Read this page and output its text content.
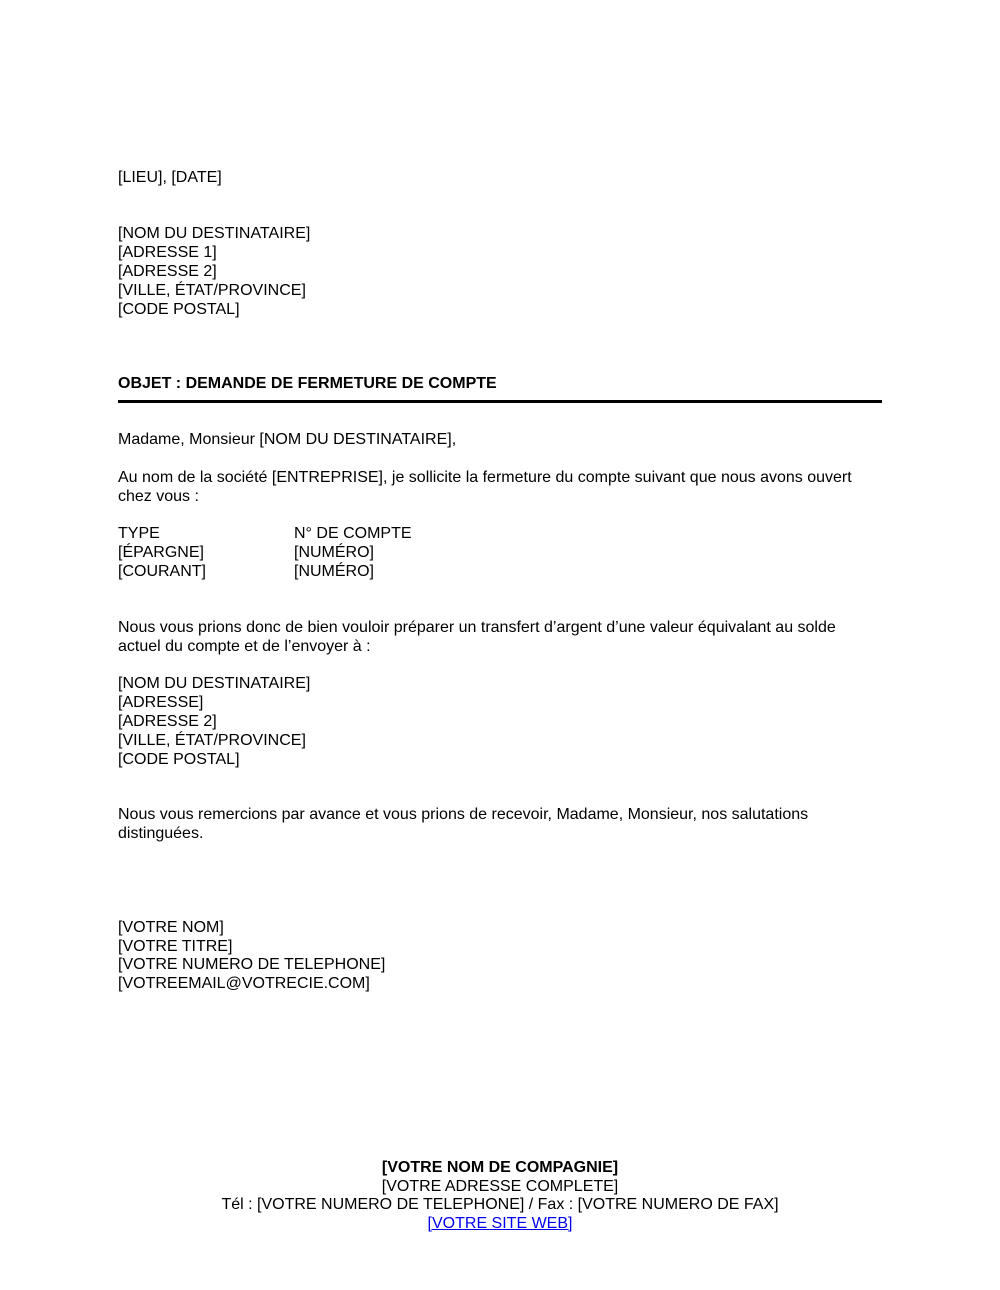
[LIEU], [DATE]

[NOM DU DESTINATAIRE]

[ADRESSE 1]

[ADRESSE 2]

[VILLE, ÉTAT/PROVINCE]

[CODE POSTAL]

OBJET : DEMANDE DE FERMETURE DE COMPTE

Madame, Monsieur [NOM DU DESTINATAIRE],

Au nom de la société [ENTREPRISE], je sollicite la fermeture du compte suivant que nous avons ouvert

chez vous :

TYPE	N° DE COMPTE

[ÉPARGNE]	[NUMÉRO]

[COURANT]	[NUMÉRO]

Nous vous prions donc de bien vouloir préparer un transfert d’argent d’une valeur équivalant au solde

actuel du compte et de l’envoyer à :

[NOM DU DESTINATAIRE]

[ADRESSE]

[ADRESSE 2]

[VILLE, ÉTAT/PROVINCE]

[CODE POSTAL]

Nous vous remercions par avance et vous prions de recevoir, Madame, Monsieur, nos salutations

distinguées.

[VOTRE NOM]

[VOTRE TITRE]

[VOTRE NUMERO DE TELEPHONE]

[VOTREEMAIL@VOTRECIE.COM]

[VOTRE NOM DE COMPAGNIE]

[VOTRE ADRESSE COMPLETE]

Tél : [VOTRE NUMERO DE TELEPHONE] / Fax : [VOTRE NUMERO DE FAX]

[VOTRE SITE WEB]
